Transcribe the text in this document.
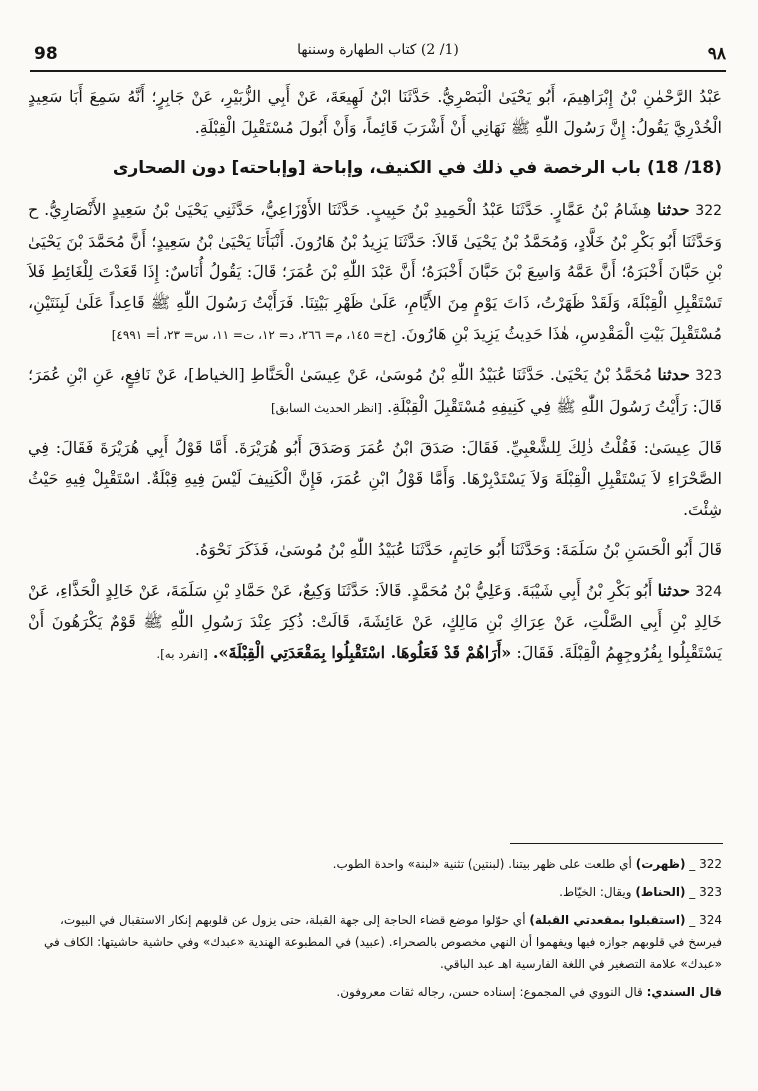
98	(1/ 2) كتاب الطهارة وسننها	٩٨

عَبْدُ الرَّحْمٰنِ بْنُ إِبْرَاهِيمَ، أَبُو يَحْيَىٰ الْبَصْرِيُّ. حَدَّثَنَا ابْنُ لَهِيعَةَ، عَنْ أَبِي الزُّبَيْرِ، عَنْ جَابِرٍ؛ أَنَّهُ سَمِعَ أَبَا سَعِيدٍ الْخُدْرِيَّ يَقُولُ: إِنَّ رَسُولَ اللّٰهِ ﷺ نَهَانِي أَنْ أَشْرَبَ قَائِماً، وَأَنْ أَبُولَ مُسْتَقْبِلَ الْقِبْلَةِ.

(18/ 18) باب الرخصة في ذلك في الكنيف، وإباحة [وإباحته] دون الصحارى

322 حدثنا هِشَامُ بْنُ عَمَّارٍ. حَدَّثَنَا عَبْدُ الْحَمِيدِ بْنُ حَبِيبٍ. حَدَّثَنَا الأَوْزَاعِيُّ، حَدَّثَنِي يَحْيَىٰ بْنُ سَعِيدٍ الأَنْصَارِيُّ. ح وَحَدَّثَنَا أَبُو بَكْرِ بْنُ خَلَّادٍ، وَمُحَمَّدُ بْنُ يَحْيَىٰ قَالاَ: حَدَّثَنَا يَزِيدُ بْنُ هَارُونَ. أَنْبَأَنَا يَحْيَىٰ بْنُ سَعِيدٍ؛ أَنَّ مُحَمَّدَ بْنَ يَحْيَىٰ بْنِ حَبَّانَ أَخْبَرَهُ؛ أَنَّ عَمَّهُ وَاسِعَ بْنَ حَبَّانَ أَخْبَرَهُ؛ أَنَّ عَبْدَ اللّٰهِ بْنَ عُمَرَ؛ قَالَ: يَقُولُ أُنَاسٌ: إِذَا قَعَدْتَ لِلْغَائِطِ فَلاَ تَسْتَقْبِلِ الْقِبْلَةَ، وَلَقَدْ ظَهَرْتُ، ذَاتَ يَوْمٍ مِنَ الأَيَّامِ، عَلَىٰ ظَهْرِ بَيْتِنَا. فَرَأَيْتُ رَسُولَ اللّٰهِ ﷺ قَاعِداً عَلَىٰ لَبِنَتَيْنِ، مُسْتَقْبِلَ بَيْتِ الْمَقْدِسِ، هٰذَا حَدِيثُ يَزِيدَ بْنِ هَارُونَ. [خ= ١٤٥، م= ٢٦٦، د= ١٢، ت= ١١، س= ٢٣، أ= ٤٩٩١]

323 حدثنا مُحَمَّدُ بْنُ يَحْيَىٰ. حَدَّثَنَا عُبَيْدُ اللّٰهِ بْنُ مُوسَىٰ، عَنْ عِيسَىٰ الْحَنَّاطِ [الخياط]، عَنْ نَافِعٍ، عَنِ ابْنِ عُمَرَ؛ قَالَ: رَأَيْتُ رَسُولَ اللّٰهِ ﷺ فِي كَنِيفِهِ مُسْتَقْبِلَ الْقِبْلَةِ. [انظر الحديث السابق]

قَالَ عِيسَىٰ: فَقُلْتُ ذٰلِكَ لِلشَّعْبِيِّ. فَقَالَ: صَدَقَ ابْنُ عُمَرَ وَصَدَقَ أَبُو هُرَيْرَةَ. أَمَّا قَوْلُ أَبِي هُرَيْرَةَ فَقَالَ: فِي الصَّحْرَاءِ لاَ يَسْتَقْبِلِ الْقِبْلَةَ وَلاَ يَسْتَدْبِرْهَا. وَأَمَّا قَوْلُ ابْنِ عُمَرَ، فَإِنَّ الْكَنِيفَ لَيْسَ فِيهِ قِبْلَةٌ. اسْتَقْبِلْ فِيهِ حَيْثُ شِئْتَ.

قَالَ أَبُو الْحَسَنِ بْنُ سَلَمَةَ: وَحَدَّثَنَا أَبُو حَاتِمٍ، حَدَّثَنَا عُبَيْدُ اللّٰهِ بْنُ مُوسَىٰ، فَذَكَرَ نَحْوَهُ.

324 حدثنا أَبُو بَكْرِ بْنُ أَبِي شَيْبَةَ. وَعَلِيُّ بْنُ مُحَمَّدٍ. قَالاَ: حَدَّثَنَا وَكِيعٌ، عَنْ حَمَّادِ بْنِ سَلَمَةَ، عَنْ خَالِدٍ الْحَذَّاءِ، عَنْ خَالِدِ بْنِ أَبِي الصَّلْتِ، عَنْ عِرَاكِ بْنِ مَالِكٍ، عَنْ عَائِشَةَ، قَالَتْ: ذُكِرَ عِنْدَ رَسُولِ اللّٰهِ ﷺ قَوْمٌ يَكْرَهُونَ أَنْ يَسْتَقْبِلُوا بِفُرُوجِهِمُ الْقِبْلَةَ. فَقَالَ: «أَرَاهُمْ قَدْ فَعَلُوهَا. اسْتَقْبِلُوا بِمَقْعَدَتِي الْقِبْلَةَ». [انفرد به].

322 _ (ظهرت) أي طلعت على ظهر بيتنا. (لبنتين) تثنية «لبنة» واحدة الطوب.

323 _ (الحناط) ويقال: الخيّاط.

324 _ (استقبلوا بمقعدتي القبلة) أي حوّلوا موضع قضاء الحاجة إلى جهة القبلة، حتى يزول عن قلوبهم إنكار الاستقبال في البيوت، فيرسخ في قلوبهم جوازه فيها ويفهموا أن النهي مخصوص بالصحراء. (عبيد) في المطبوعة الهندية «عبدك» وفي حاشية حاشيتها: الكاف في «عبدك» علامة التصغير في اللغة الفارسية اهـ عبد الباقي.

قال السندي: قال النووي في المجموع: إسناده حسن، رجاله ثقات معروفون.
